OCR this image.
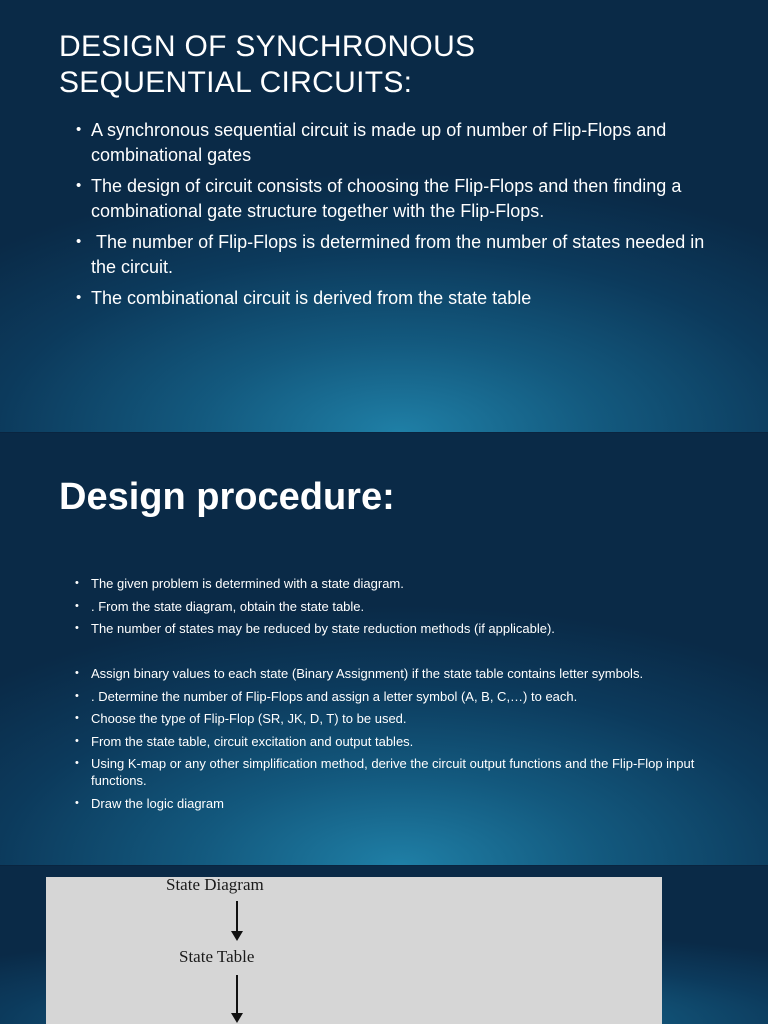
DESIGN OF SYNCHRONOUS
SEQUENTIAL CIRCUITS:
• A synchronous sequential circuit is made up of number of Flip-Flops and combinational gates
• The design of circuit consists of choosing the Flip-Flops and then finding a combinational gate structure together with the Flip-Flops.
• The number of Flip-Flops is determined from the number of states needed in the circuit.
• The combinational circuit is derived from the state table
Design procedure:
• The given problem is determined with a state diagram.
• . From the state diagram, obtain the state table.
• The number of states may be reduced by state reduction methods (if applicable).
• Assign binary values to each state (Binary Assignment) if the state table contains letter symbols.
• . Determine the number of Flip-Flops and assign a letter symbol (A, B, C,…) to each.
• Choose the type of Flip-Flop (SR, JK, D, T) to be used.
• From the state table, circuit excitation and output tables.
• Using K-map or any other simplification method, derive the circuit output functions and the Flip-Flop input functions.
• Draw the logic diagram

State Diagram

State Table
